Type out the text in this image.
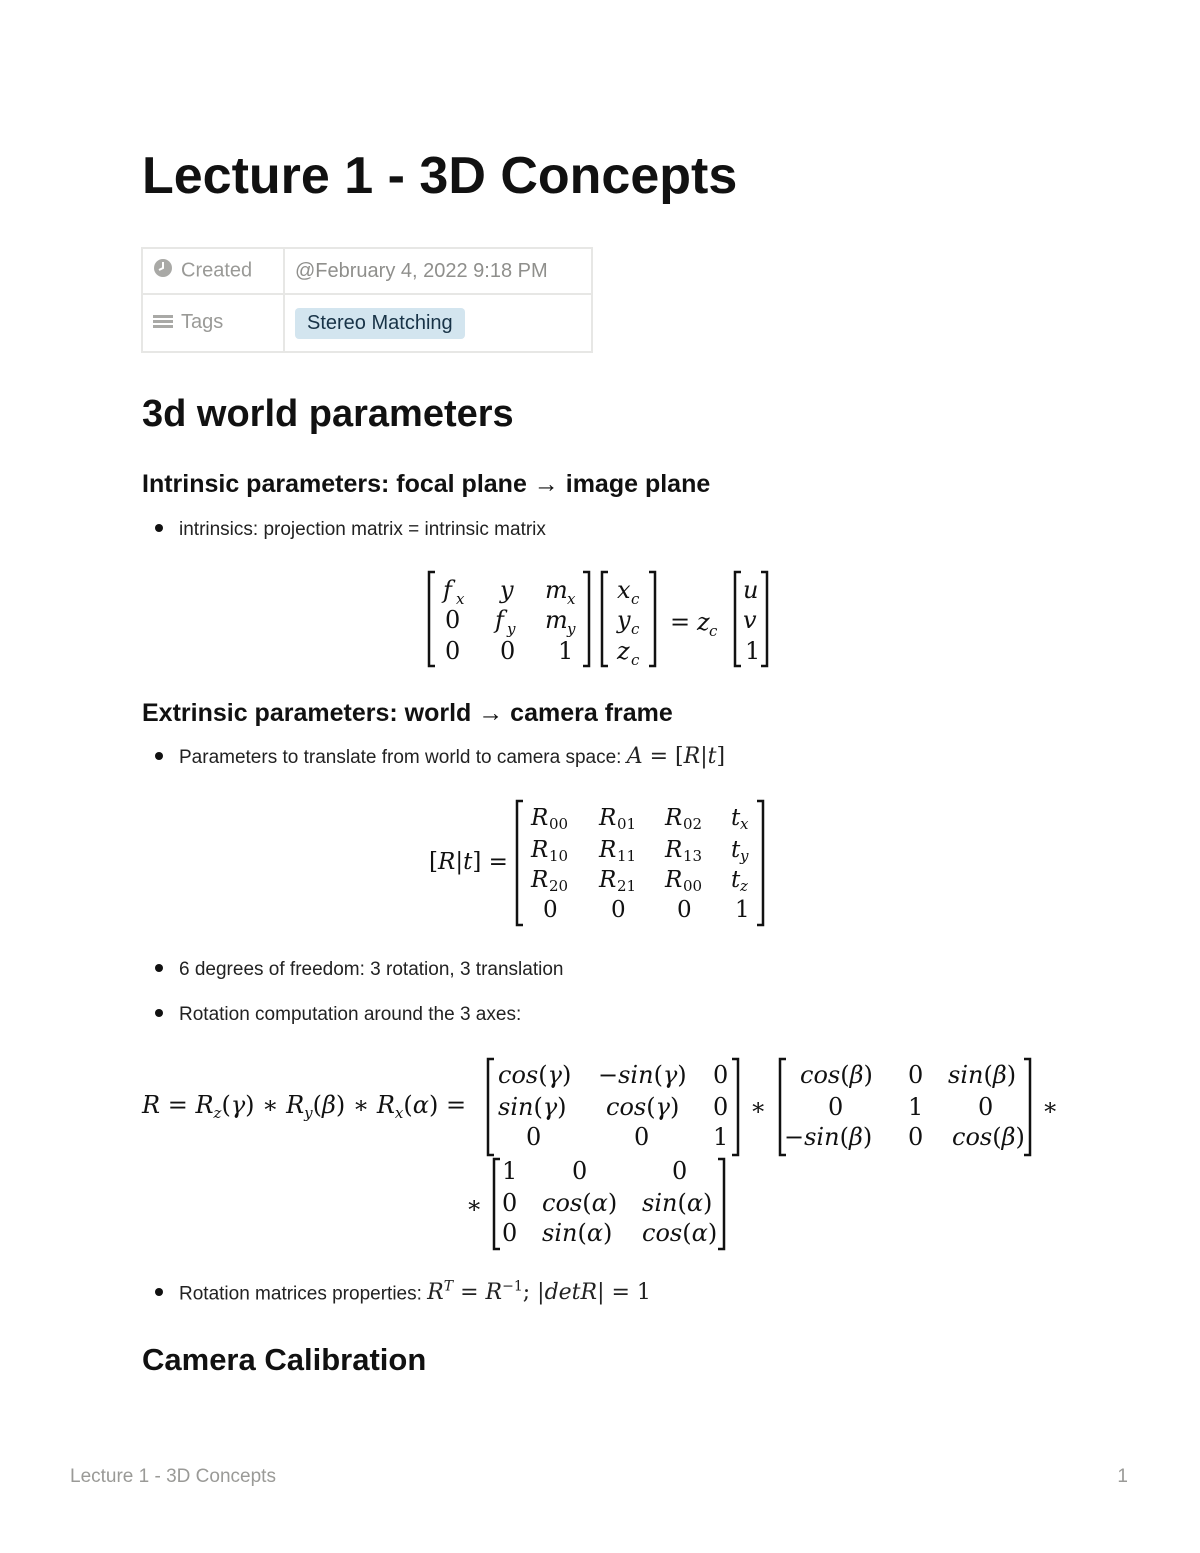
Lecture 1 - 3D Concepts
Created	@February 4, 2022 9:18 PM
Tags	Stereo Matching
3d world parameters
Intrinsic parameters: focal plane → image plane
intrinsics: projection matrix = intrinsic matrix
f x y m x
0 f y m y
0 0 1
x c
y c
z c
= z c
u
v
1
Extrinsic parameters: world → camera frame
Parameters to translate from world to camera space: A = [R|t]
[R|t] =
R 00 R 01 R 02 t x
R 10 R 11 R 13 t y
R 20 R 21 R 00 t z
0 0 0 1
6 degrees of freedom: 3 rotation, 3 translation
Rotation computation around the 3 axes:
$R = R_z(\gamma)$ ∗ $R_y(\beta)$ ∗ $R_x(\alpha)$ =
cos(γ) −sin(γ) 0
sin(γ) cos(γ) 0
0	0	1
∗
cos(β) 0 sin(β)
0	1 0
−sin(β) 0 cos(β)
∗
∗
1 0	0
0 cos(α) sin(α)
0 sin(α) cos(α)
Rotation matrices properties: $R^T = R^{-1}$; |detR| = 1
Camera Calibration
Lecture 1 - 3D Concepts	1
